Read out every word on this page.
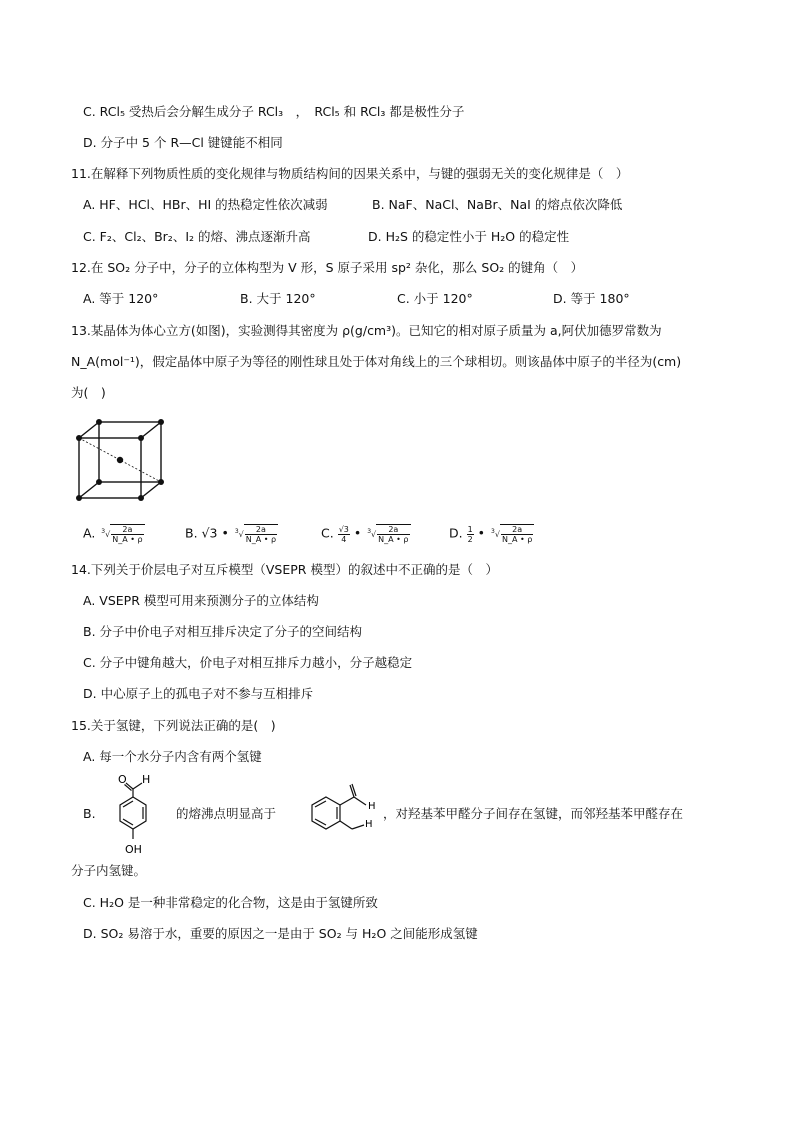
C. RCl₅ 受热后会分解生成分子 RCl₃　，　RCl₅ 和 RCl₃ 都是极性分子
D. 分子中 5 个 R—Cl 键键能不相同
11.在解释下列物质性质的变化规律与物质结构间的因果关系中，与键的强弱无关的变化规律是（　）
A. HF、HCl、HBr、HI 的热稳定性依次减弱	B. NaF、NaCl、NaBr、NaI 的熔点依次降低
C. F₂、Cl₂、Br₂、I₂ 的熔、沸点逐渐升高	D. H₂S 的稳定性小于 H₂O 的稳定性
12.在 SO₂ 分子中，分子的立体构型为 V 形，S 原子采用 sp² 杂化，那么 SO₂ 的键角（　）
A. 等于 120°	B. 大于 120°	C. 小于 120°	D. 等于 180°
13.某晶体为体心立方(如图)，实验测得其密度为 ρ(g/cm³)。已知它的相对原子质量为 a,阿伏加德罗常数为
N_A(mol⁻¹)，假定晶体中原子为等径的刚性球且处于体对角线上的三个球相切。则该晶体中原子的半径为(cm)
为(　)
A. $^3√ \frac{2a}{N\_A • \rho}$	B. √3 • $^3√ \frac{2a}{N\_A • \rho}$	C. $\frac{√3}{4}$ • $^3√ \frac{2a}{N\_A • \rho}$	D. $\frac{1}{2}$ • $^3√ \frac{2a}{N\_A • \rho}$
14.下列关于价层电子对互斥模型（VSEPR 模型）的叙述中不正确的是（　）
A. VSEPR 模型可用来预测分子的立体结构
B. 分子中价电子对相互排斥决定了分子的空间结构
C. 分子中键角越大，价电子对相互排斥力越小，分子越稳定
D. 中心原子上的孤电子对不参与互相排斥
15.关于氢键，下列说法正确的是(　)
A. 每一个水分子内含有两个氢键
B.
O H
OH
的熔沸点明显高于	H
H
，对羟基苯甲醛分子间存在氢键，而邻羟基苯甲醛存在
分子内氢键。
C. H₂O 是一种非常稳定的化合物，这是由于氢键所致
D. SO₂ 易溶于水，重要的原因之一是由于 SO₂ 与 H₂O 之间能形成氢键
